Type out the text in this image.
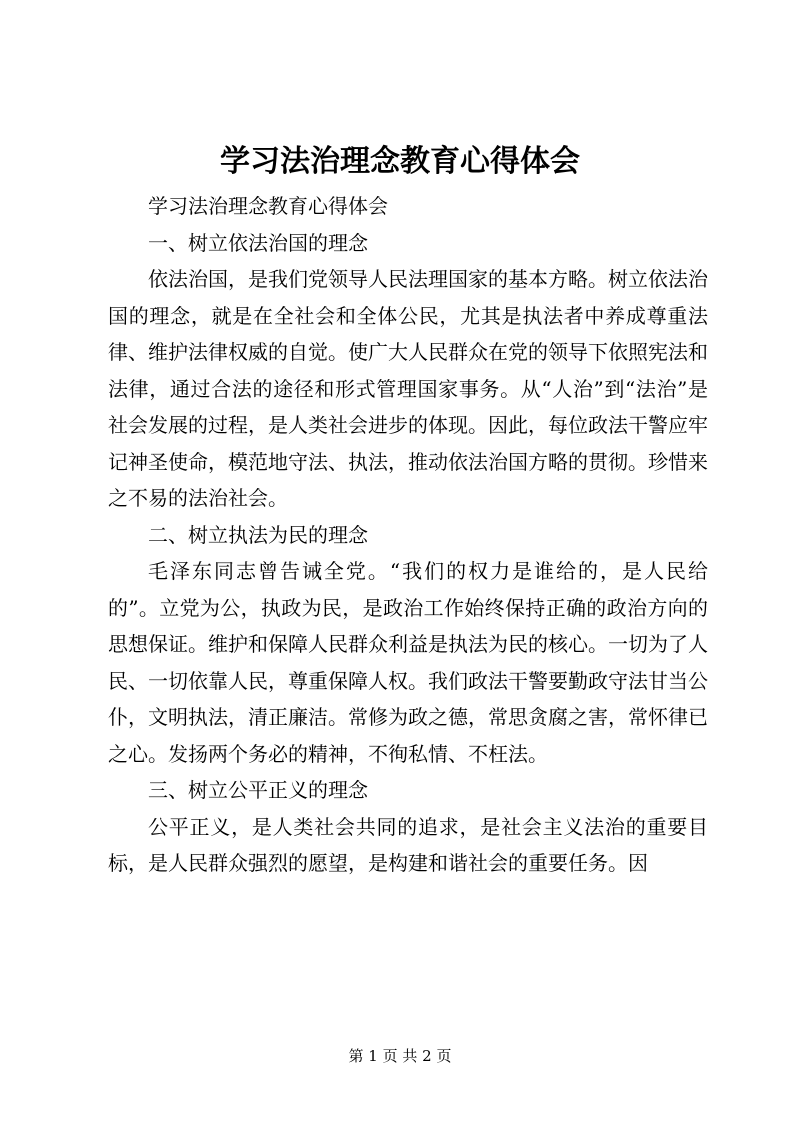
学习法治理念教育心得体会

学习法治理念教育心得体会

一、树立依法治国的理念

依法治国，是我们党领导人民法理国家的基本方略。树立依法治国的理念，就是在全社会和全体公民，尤其是执法者中养成尊重法律、维护法律权威的自觉。使广大人民群众在党的领导下依照宪法和法律，通过合法的途径和形式管理国家事务。从“人治”到“法治”是社会发展的过程，是人类社会进步的体现。因此，每位政法干警应牢记神圣使命，模范地守法、执法，推动依法治国方略的贯彻。珍惜来之不易的法治社会。

二、树立执法为民的理念

毛泽东同志曾告诫全党。“我们的权力是谁给的，是人民给的”。立党为公，执政为民，是政治工作始终保持正确的政治方向的思想保证。维护和保障人民群众利益是执法为民的核心。一切为了人民、一切依靠人民，尊重保障人权。我们政法干警要勤政守法甘当公仆，文明执法，清正廉洁。常修为政之德，常思贪腐之害，常怀律已之心。发扬两个务必的精神，不徇私情、不枉法。

三、树立公平正义的理念

公平正义，是人类社会共同的追求，是社会主义法治的重要目标，是人民群众强烈的愿望，是构建和谐社会的重要任务。因

第 1 页 共 2 页
